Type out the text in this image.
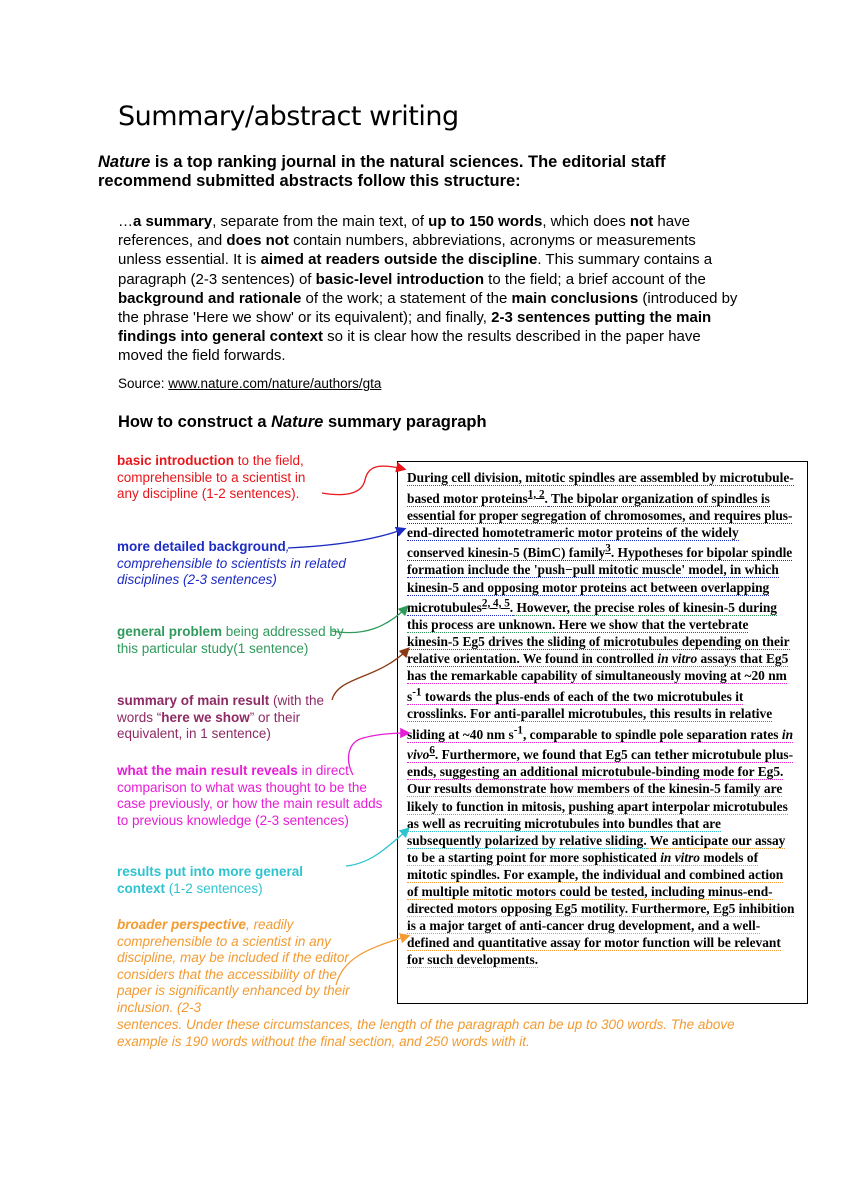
Summary/abstract writing
Nature is a top ranking journal in the natural sciences. The editorial staff recommend submitted abstracts follow this structure:
…a summary, separate from the main text, of up to 150 words, which does not have references, and does not contain numbers, abbreviations, acronyms or measurements unless essential. It is aimed at readers outside the discipline. This summary contains a paragraph (2-3 sentences) of basic-level introduction to the field; a brief account of the background and rationale of the work; a statement of the main conclusions (introduced by the phrase 'Here we show' or its equivalent); and finally, 2-3 sentences putting the main findings into general context so it is clear how the results described in the paper have moved the field forwards.
Source: www.nature.com/nature/authors/gta
How to construct a Nature summary paragraph
basic introduction to the field, comprehensible to a scientist in any discipline (1-2 sentences).
more detailed background, comprehensible to scientists in related disciplines (2-3 sentences)
general problem being addressed by this particular study(1 sentence)
summary of main result (with the words “here we show” or their equivalent, in 1 sentence)
what the main result reveals in direct comparison to what was thought to be the case previously, or how the main result adds to previous knowledge (2-3 sentences)
results put into more general context (1-2 sentences)
broader perspective, readily comprehensible to a scientist in any discipline, may be included if the editor considers that the accessibility of the paper is significantly enhanced by their inclusion. (2-3
sentences. Under these circumstances, the length of the paragraph can be up to 300 words. The above example is 190 words without the final section, and 250 words with it.
During cell division, mitotic spindles are assembled by microtubule-based motor proteins$^{1, 2}$. The bipolar organization of spindles is essential for proper segregation of chromosomes, and requires plus-end-directed homotetrameric motor proteins of the widely conserved kinesin-5 (BimC) family$^3$. Hypotheses for bipolar spindle formation include the 'push−pull mitotic muscle' model, in which kinesin-5 and opposing motor proteins act between overlapping microtubules$^{2, 4, 5}$. However, the precise roles of kinesin-5 during this process are unknown. Here we show that the vertebrate kinesin-5 Eg5 drives the sliding of microtubules depending on their relative orientation. We found in controlled in vitro assays that Eg5 has the remarkable capability of simultaneously moving at ~20 nm $s^{-1}$ towards the plus-ends of each of the two microtubules it crosslinks. For anti-parallel microtubules, this results in relative sliding at ~40 nm $s^{-1}$, comparable to spindle pole separation rates in vivo$^6$. Furthermore, we found that Eg5 can tether microtubule plus-ends, suggesting an additional microtubule-binding mode for Eg5. Our results demonstrate how members of the kinesin-5 family are likely to function in mitosis, pushing apart interpolar microtubules as well as recruiting microtubules into bundles that are subsequently polarized by relative sliding. We anticipate our assay to be a starting point for more sophisticated in vitro models of mitotic spindles. For example, the individual and combined action of multiple mitotic motors could be tested, including minus-end-directed motors opposing Eg5 motility. Furthermore, Eg5 inhibition is a major target of anti-cancer drug development, and a well-defined and quantitative assay for motor function will be relevant for such developments.
